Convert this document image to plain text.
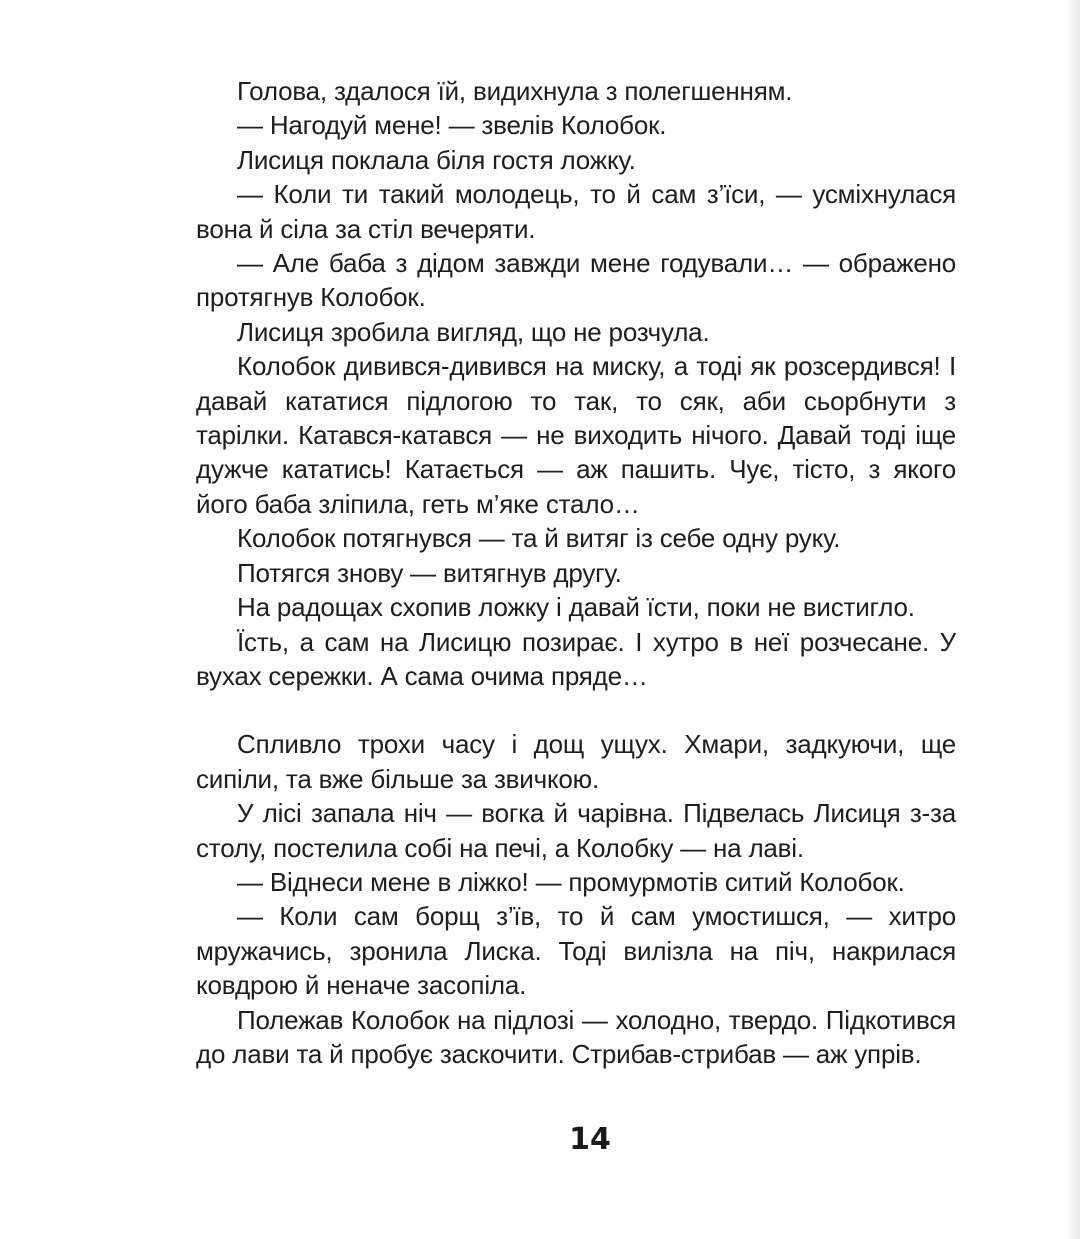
Голова, здалося їй, видихнула з полегшенням.

— Нагодуй мене! — звелів Колобок.

Лисиця поклала біля гостя ложку.

— Коли ти такий молодець, то й сам з’їси, — усміхнулася вона й сіла за стіл вечеряти.

— Але баба з дідом завжди мене годували… — ображено протягнув Колобок.

Лисиця зробила вигляд, що не розчула.

Колобок дивився-дивився на миску, а тоді як розсердився! І давай кататися підлогою то так, то сяк, аби сьорбнути з тарілки. Катався-катався — не виходить нічого. Давай тоді іще дужче кататись! Катається — аж пашить. Чує, тісто, з якого його баба зліпила, геть м’яке стало…

Колобок потягнувся — та й витяг із себе одну руку.

Потягся знову — витягнув другу.

На радощах схопив ложку і давай їсти, поки не вистигло.

Їсть, а сам на Лисицю позирає. І хутро в неї розчесане. У вухах сережки. А сама очима пряде…

Спливло трохи часу і дощ ущух. Хмари, задкуючи, ще сипіли, та вже більше за звичкою.

У лісі запала ніч — вогка й чарівна. Підвелась Лисиця з-за столу, постелила собі на печі, а Колобку — на лаві.

— Віднеси мене в ліжко! — промурмотів ситий Колобок.

— Коли сам борщ з’їв, то й сам умостишся, — хитро мружачись, зронила Лиска. Тоді вилізла на піч, накрилася ковдрою й неначе засопіла.

Полежав Колобок на підлозі — холодно, твердо. Підкотився до лави та й пробує заскочити. Стрибав-стрибав — аж упрів.

14
